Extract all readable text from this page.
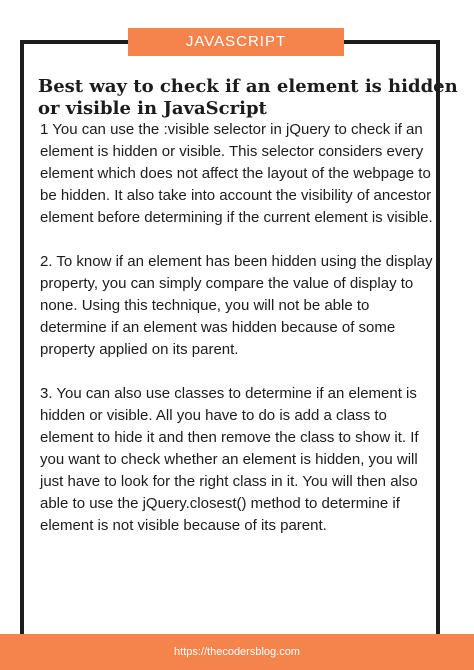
JAVASCRIPT
Best way to check if an element is hidden or visible in JavaScript

1 You can use the :visible selector in jQuery to check if an element is hidden or visible. This selector considers every element which does not affect the layout of the webpage to be hidden. It also take into account the visibility of ancestor element before determining if the current element is visible.

2. To know if an element has been hidden using the display property, you can simply compare the value of display to none. Using this technique, you will not be able to determine if an element was hidden because of some property applied on its parent.

3. You can also use classes to determine if an element is hidden or visible. All you have to do is add a class to element to hide it and then remove the class to show it. If you want to check whether an element is hidden, you will just have to look for the right class in it. You will then also able to use the jQuery.closest() method to determine if element is not visible because of its parent.

https://thecodersblog.com
